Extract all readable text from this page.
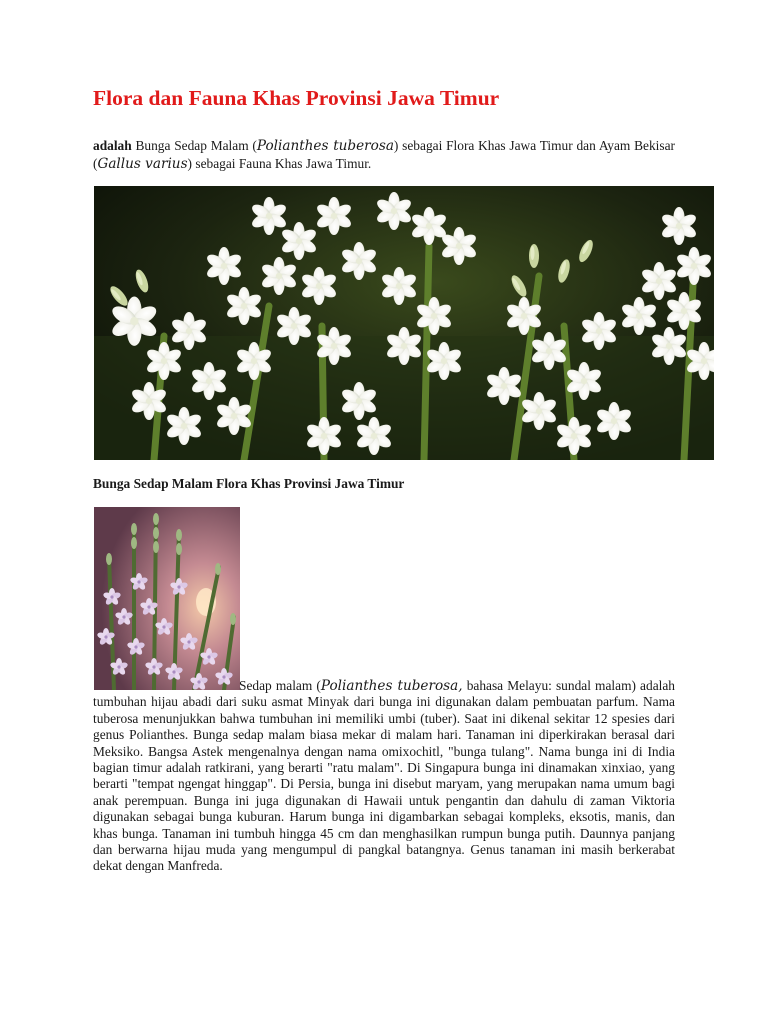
Flora dan Fauna Khas Provinsi Jawa Timur

adalah Bunga Sedap Malam (Polianthes tuberosa) sebagai Flora Khas Jawa Timur dan Ayam Bekisar (Gallus varius) sebagai Fauna Khas Jawa Timur.

Bunga Sedap Malam Flora Khas Provinsi Jawa Timur

Sedap malam (Polianthes tuberosa, bahasa Melayu: sundal malam) adalah tumbuhan hijau abadi dari suku asmat Minyak dari bunga ini digunakan dalam pembuatan parfum. Nama tuberosa menunjukkan bahwa tumbuhan ini memiliki umbi (tuber). Saat ini dikenal sekitar 12 spesies dari genus Polianthes. Bunga sedap malam biasa mekar di malam hari. Tanaman ini diperkirakan berasal dari Meksiko. Bangsa Astek mengenalnya dengan nama omixochitl, "bunga tulang". Nama bunga ini di India bagian timur adalah ratkirani, yang berarti "ratu malam". Di Singapura bunga ini dinamakan xinxiao, yang berarti "tempat ngengat hinggap". Di Persia, bunga ini disebut maryam, yang merupakan nama umum bagi anak perempuan. Bunga ini juga digunakan di Hawaii untuk pengantin dan dahulu di zaman Viktoria digunakan sebagai bunga kuburan. Harum bunga ini digambarkan sebagai kompleks, eksotis, manis, dan khas bunga. Tanaman ini tumbuh hingga 45 cm dan menghasilkan rumpun bunga putih. Daunnya panjang dan berwarna hijau muda yang mengumpul di pangkal batangnya. Genus tanaman ini masih berkerabat dekat dengan Manfreda.
